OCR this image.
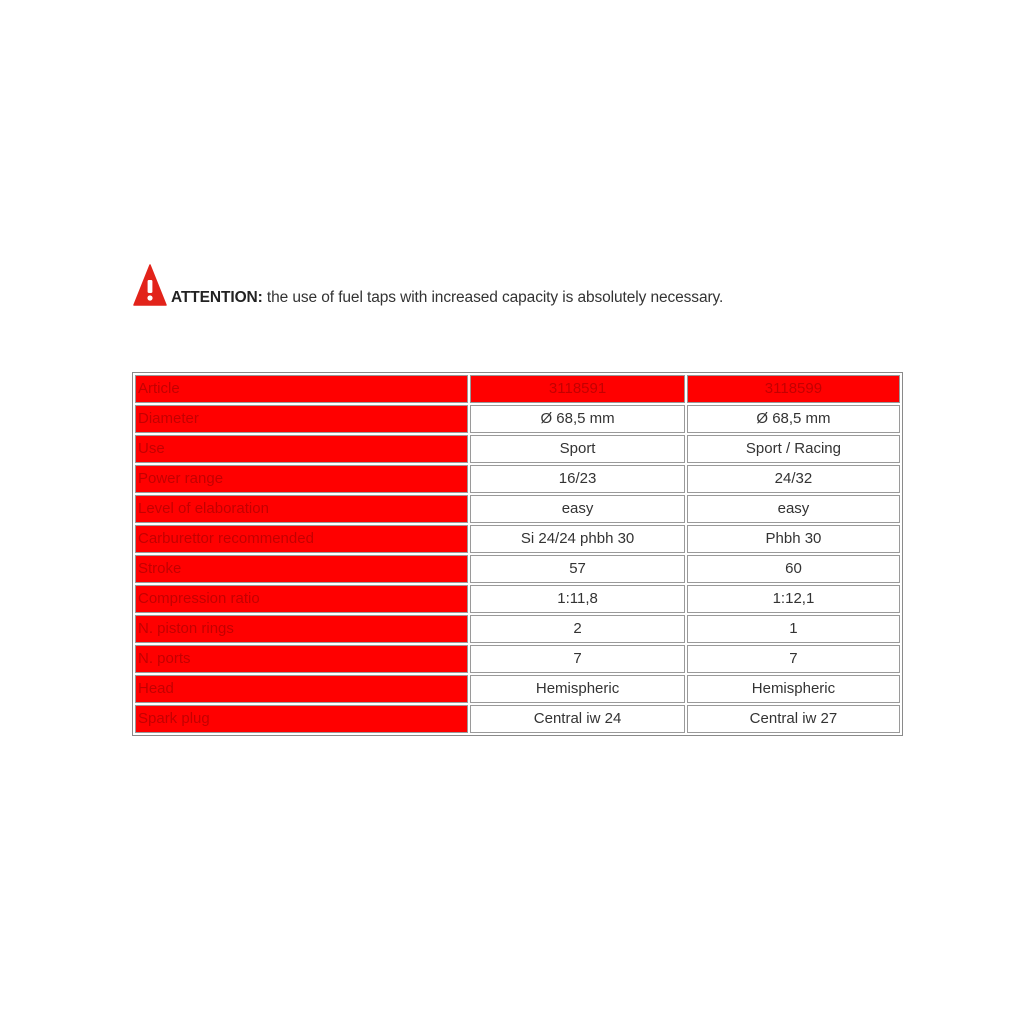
ATTENTION: the use of fuel taps with increased capacity is absolutely necessary.
Article	3118591	3118599
Diameter	Ø 68,5 mm	Ø 68,5 mm
Use	Sport	Sport / Racing
Power range	16/23	24/32
Level of elaboration	easy	easy
Carburettor recommended	Si 24/24 phbh 30	Phbh 30
Stroke	57	60
Compression ratio	1:11,8	1:12,1
N. piston rings	2	1
N. ports	7	7
Head	Hemispheric	Hemispheric
Spark plug	Central iw 24	Central iw 27
